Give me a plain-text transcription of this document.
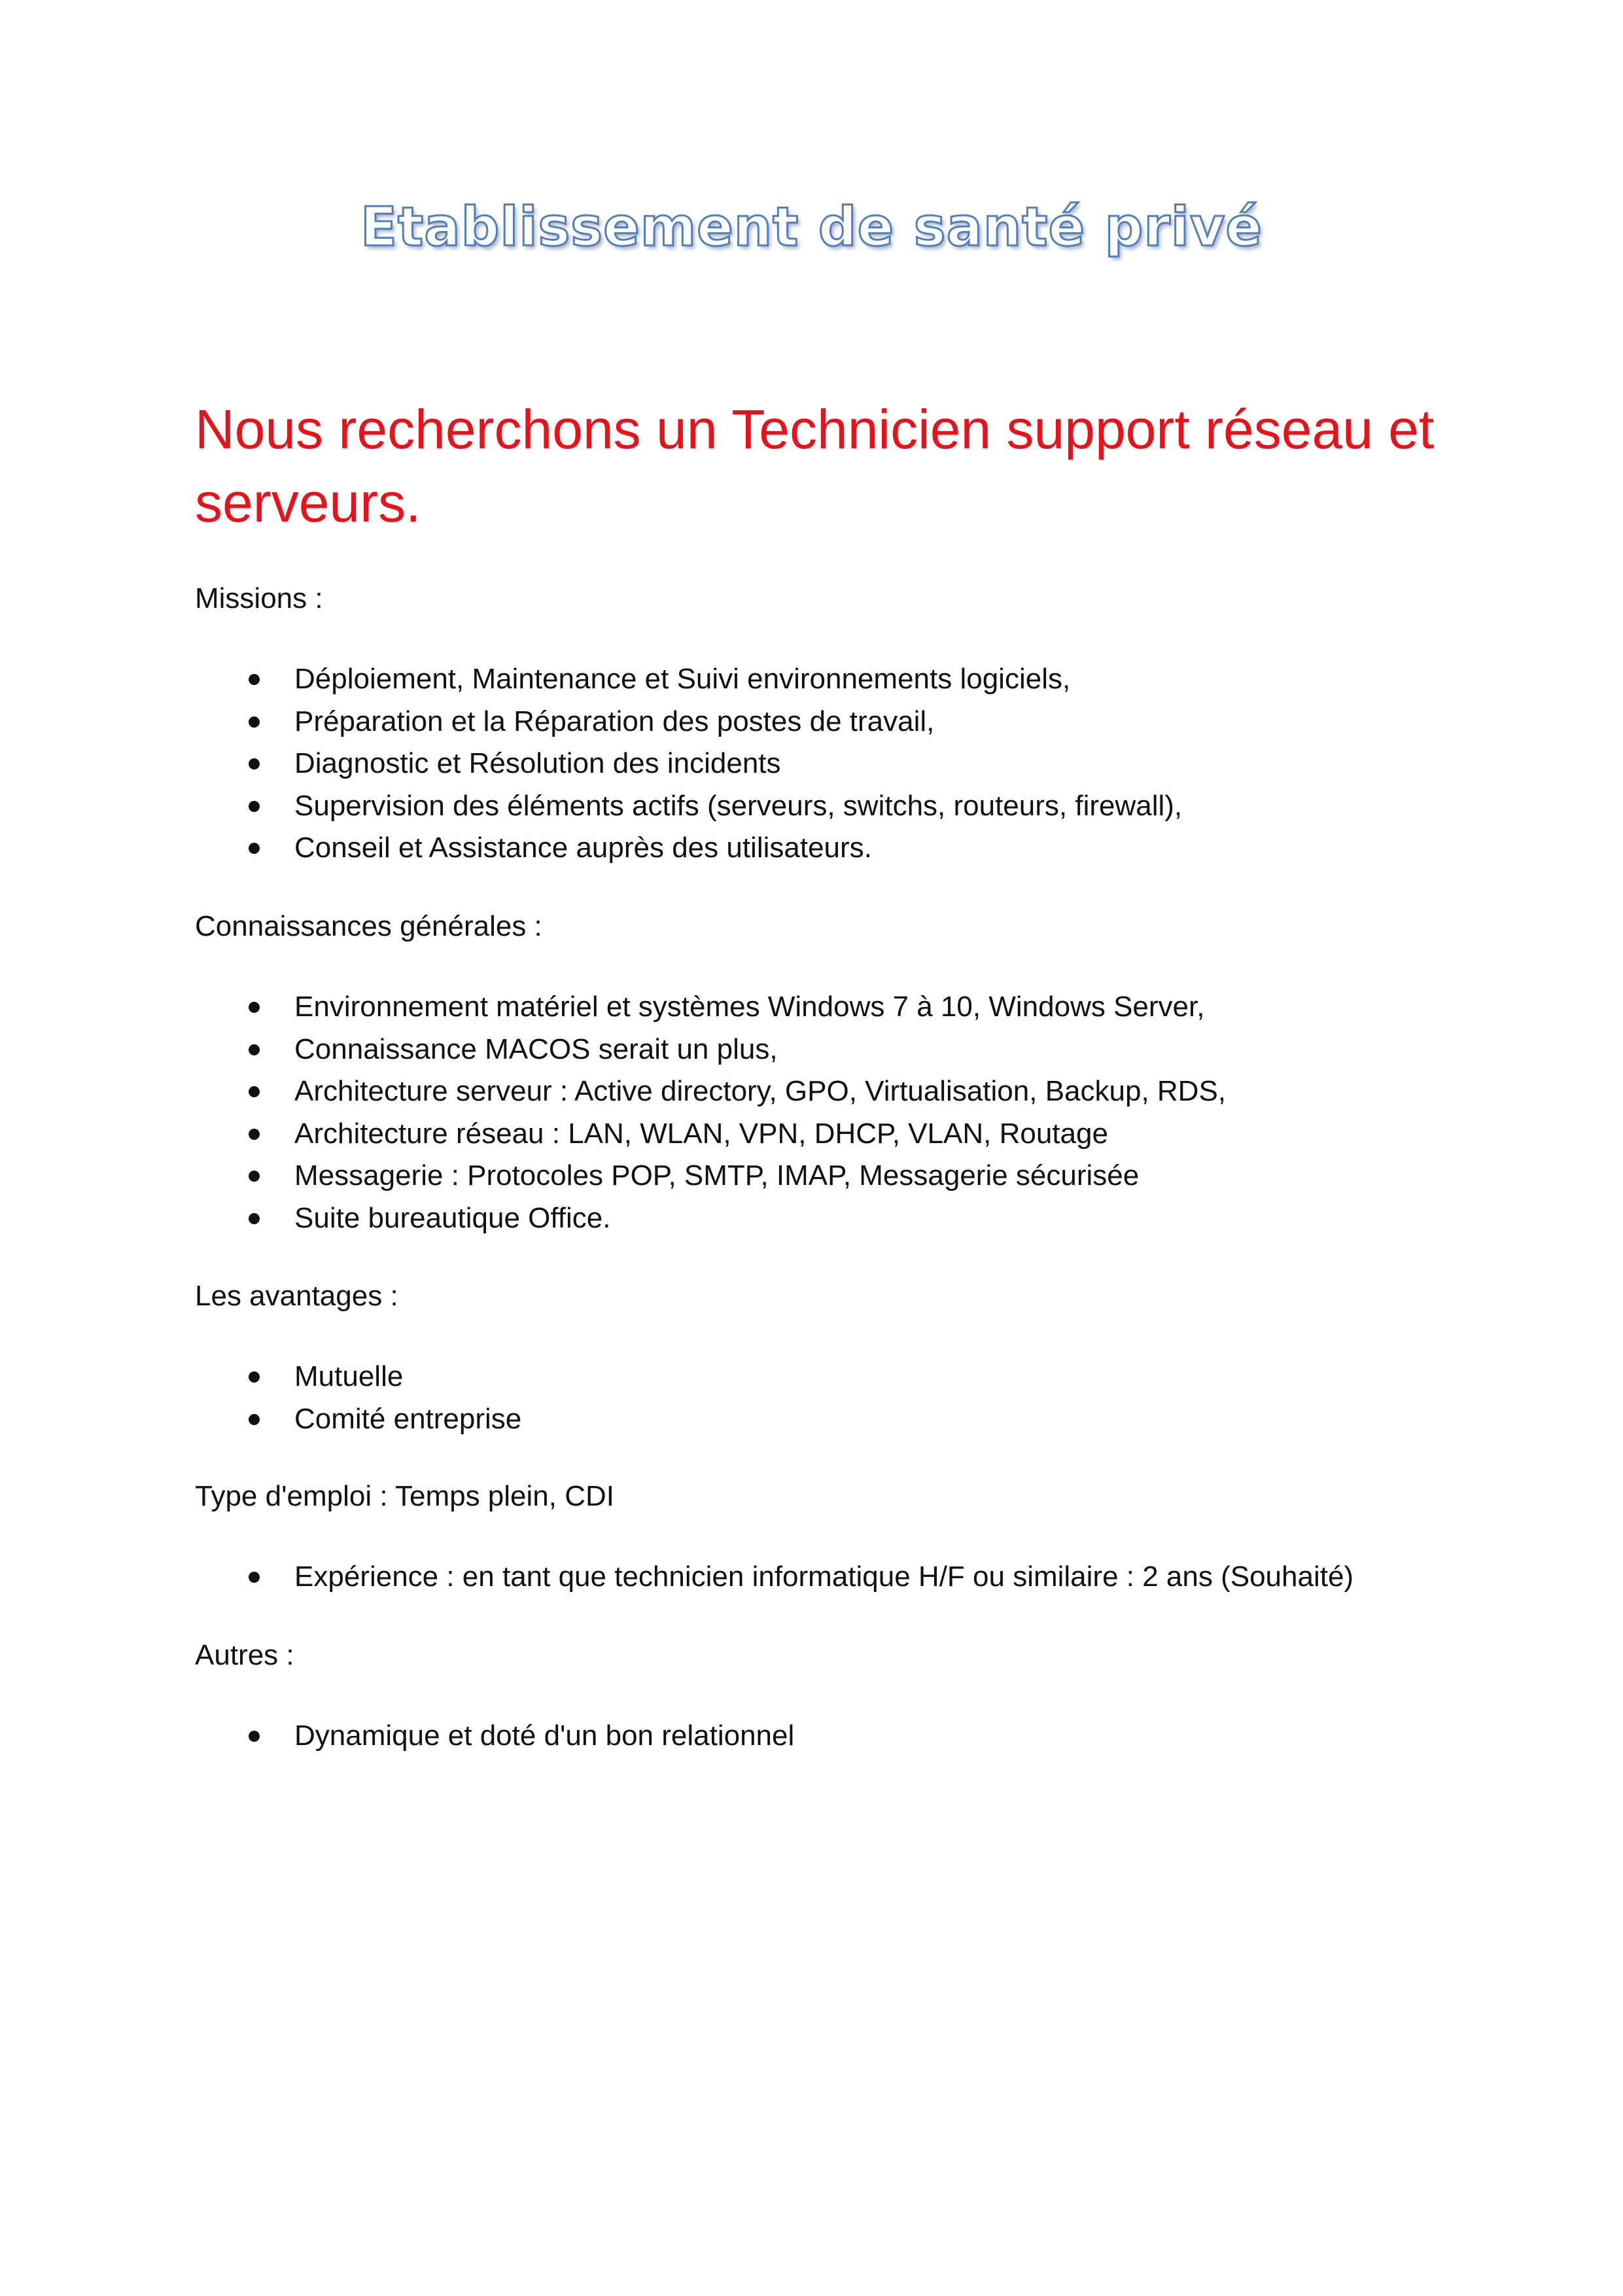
Etablissement de santé privé
Nous recherchons un Technicien support réseau et serveurs.
Missions :
Déploiement, Maintenance et Suivi environnements logiciels,
Préparation et la Réparation des postes de travail,
Diagnostic et Résolution des incidents
Supervision des éléments actifs (serveurs, switchs, routeurs, firewall),
Conseil et Assistance auprès des utilisateurs.
Connaissances générales :
Environnement matériel et systèmes Windows 7 à 10, Windows Server,
Connaissance MACOS serait un plus,
Architecture serveur : Active directory, GPO, Virtualisation, Backup, RDS,
Architecture réseau : LAN, WLAN, VPN, DHCP, VLAN, Routage
Messagerie : Protocoles POP, SMTP, IMAP, Messagerie sécurisée
Suite bureautique Office.
Les avantages :
Mutuelle
Comité entreprise
Type d'emploi : Temps plein, CDI
Expérience : en tant que technicien informatique H/F ou similaire : 2 ans (Souhaité)
Autres :
Dynamique et doté d'un bon relationnel
